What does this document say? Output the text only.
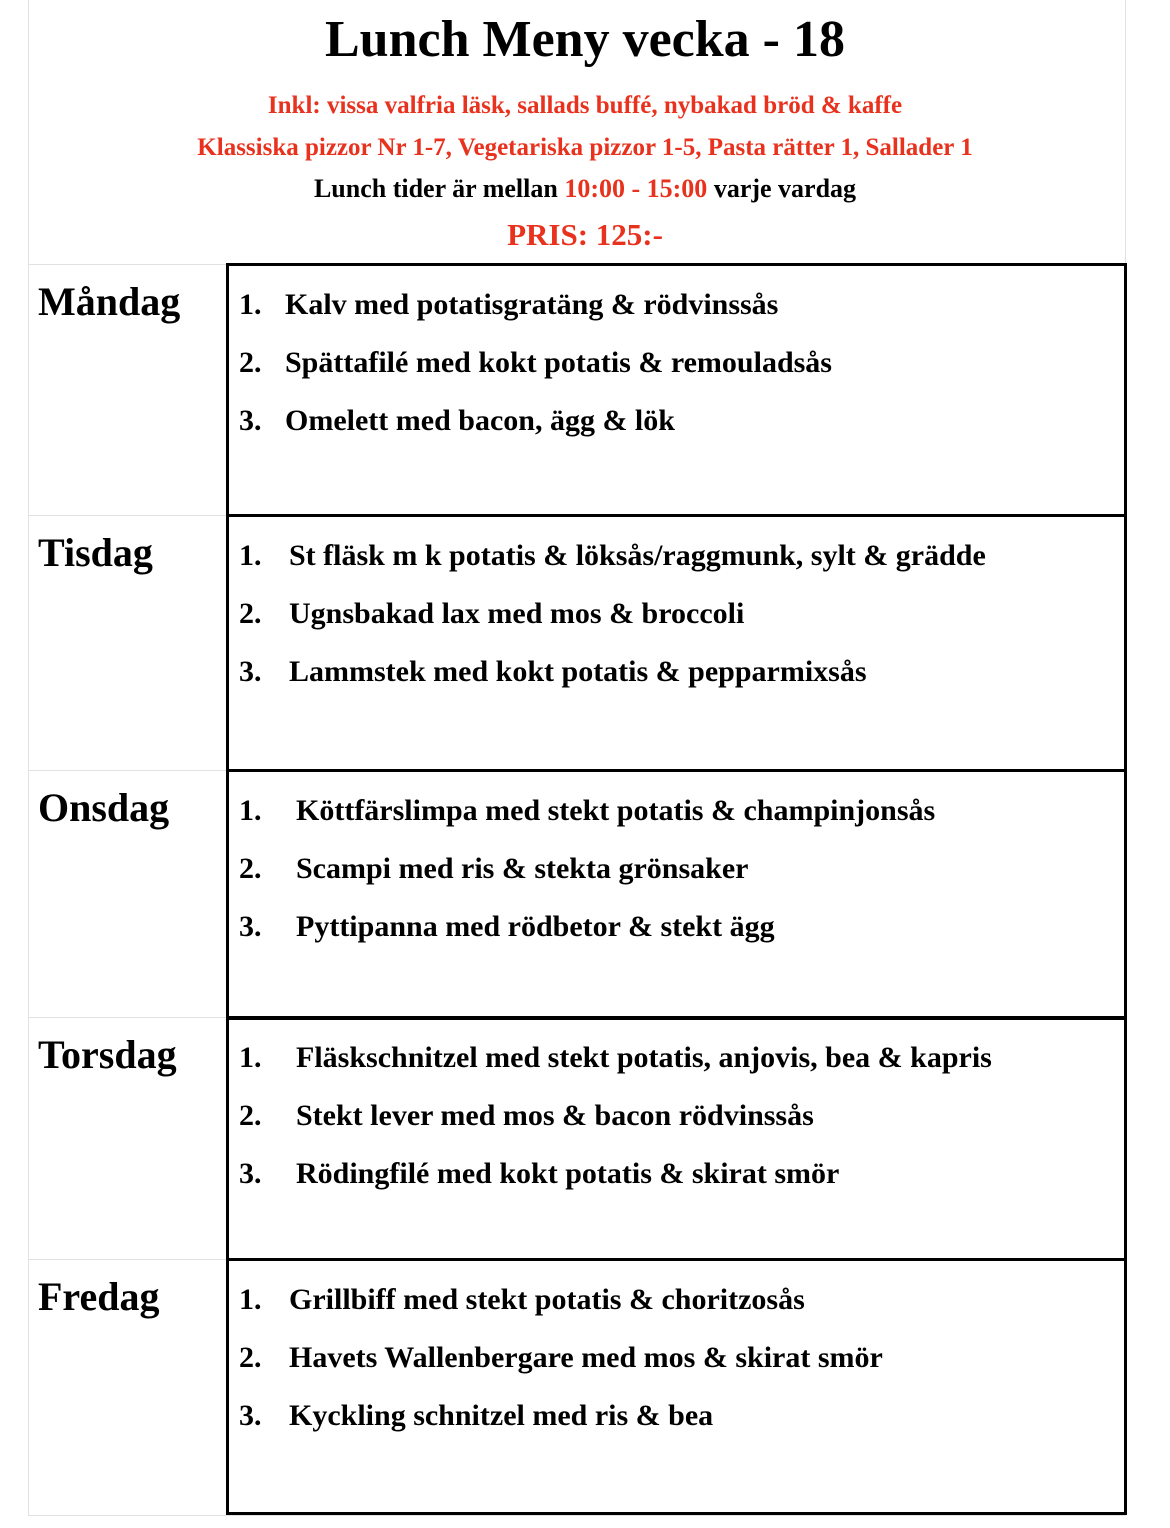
Lunch Meny vecka - 18
Inkl: vissa valfria läsk, sallads buffé, nybakad bröd & kaffe
Klassiska pizzor Nr 1-7, Vegetariska pizzor 1-5, Pasta rätter 1, Sallader 1
Lunch tider är mellan 10:00 - 15:00 varje vardag
PRIS: 125:-
Måndag 1. Kalv med potatisgratäng & rödvinssås
2. Spättafilé med kokt potatis & remouladsås
3. Omelett med bacon, ägg & lök
Tisdag	1. St fläsk m k potatis & löksås/raggmunk, sylt & grädde
2. Ugnsbakad lax med mos & broccoli
3. Lammstek med kokt potatis & pepparmixsås
Onsdag 1. Köttfärslimpa med stekt potatis & champinjonsås
2. Scampi med ris & stekta grönsaker
3. Pyttipanna med rödbetor & stekt ägg
Torsdag 1. Fläskschnitzel med stekt potatis, anjovis, bea & kapris
2. Stekt lever med mos & bacon rödvinssås
3. Rödingfilé med kokt potatis & skirat smör
Fredag	1. Grillbiff med stekt potatis & choritzosås
2. Havets Wallenbergare med mos & skirat smör
3. Kyckling schnitzel med ris & bea
